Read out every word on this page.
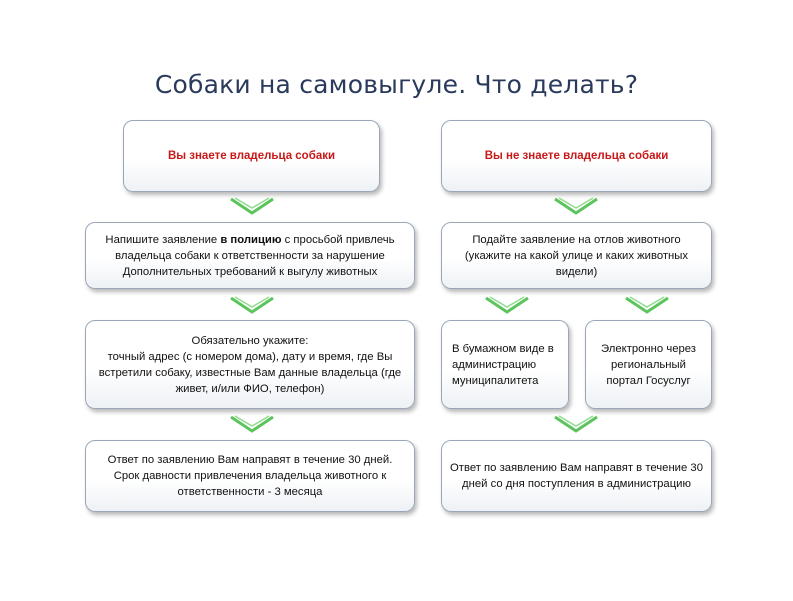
Собаки на самовыгуле. Что делать?
Вы знаете владельца собаки
Напишите заявление в полицию с просьбой привлечь владельца собаки к ответственности за нарушение Дополнительных требований к выгулу животных
Обязательно укажите:
точный адрес (с номером дома), дату и время, где Вы встретили собаку, известные Вам данные владельца (где живет, и/или ФИО, телефон)
Ответ по заявлению Вам направят в течение 30 дней. Срок давности привлечения владельца животного к ответственности - 3 месяца
Вы не знаете владельца собаки
Подайте заявление на отлов животного (укажите на какой улице и каких животных видели)
В бумажном виде в администрацию муниципалитета
Электронно через региональный портал Госуслуг
Ответ по заявлению Вам направят в течение 30 дней со дня поступления в администрацию
